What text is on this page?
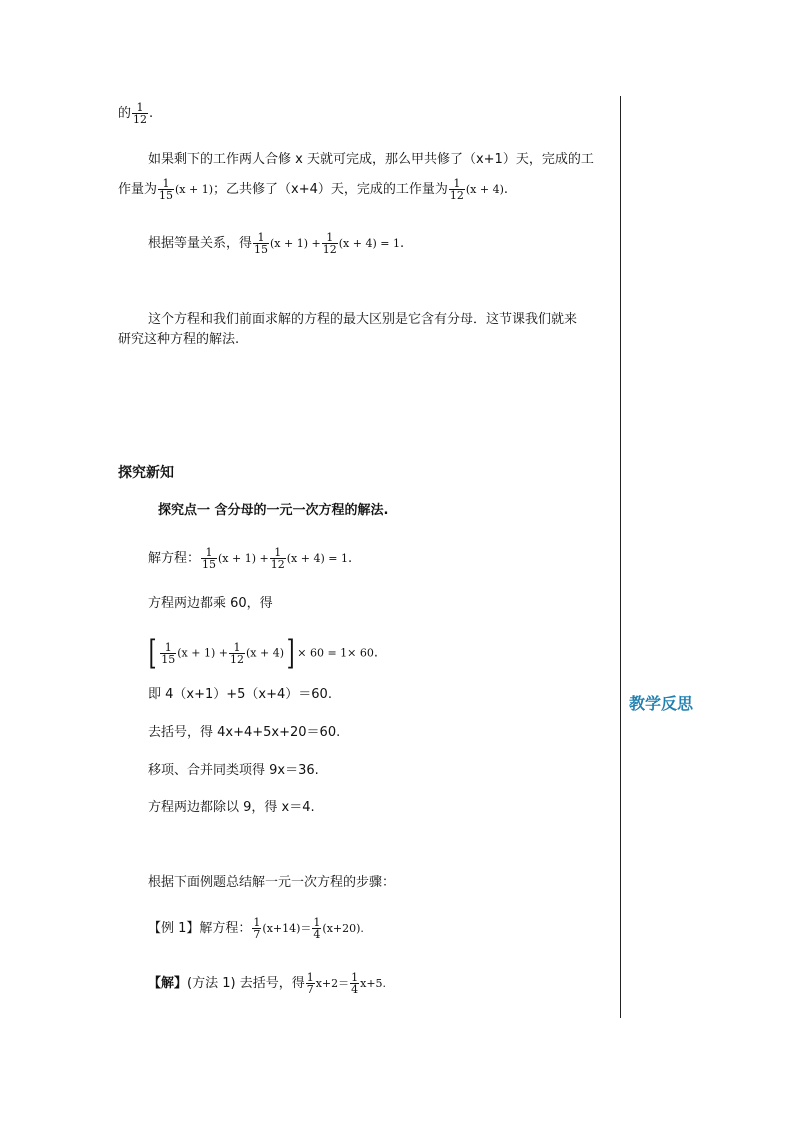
的 $\frac{1}{12}$ .
如果剩下的工作两人合修 x 天就可完成，那么甲共修了（x+1）天，完成的工
作量为 $\frac{1}{15} (x + 1)$；乙共修了（x+4）天，完成的工作量为 $\frac{1}{12} (x + 4)$.
根据等量关系，得 $\frac{1}{15} (x + 1) + \frac{1}{12} (x + 4) = 1$.
这个方程和我们前面求解的方程的最大区别是它含有分母．这节课我们就来
研究这种方程的解法.
探究新知
探究点一 含分母的一元一次方程的解法.
解方程： $\frac{1}{15} (x + 1) + \frac{1}{12} (x + 4) = 1$.
方程两边都乘 60，得
[ $\frac{1}{15} (x + 1) + \frac{1}{12} (x + 4)] \times 60 = 1\times 60$.
即 4（x+1）+5（x+4）＝60.
去括号，得 4x+4+5x+20＝60.
移项、合并同类项得 9x＝36.
方程两边都除以 9，得 x＝4.
根据下面例题总结解一元一次方程的步骤：
【例 1】解方程： $\frac{1}{7} (x+14)= \frac{1}{4} (x+20)$.
【解】(方法 1) 去括号，得 $\frac{1}{7} x+2= \frac{1}{4} x+5$.
教学反思
